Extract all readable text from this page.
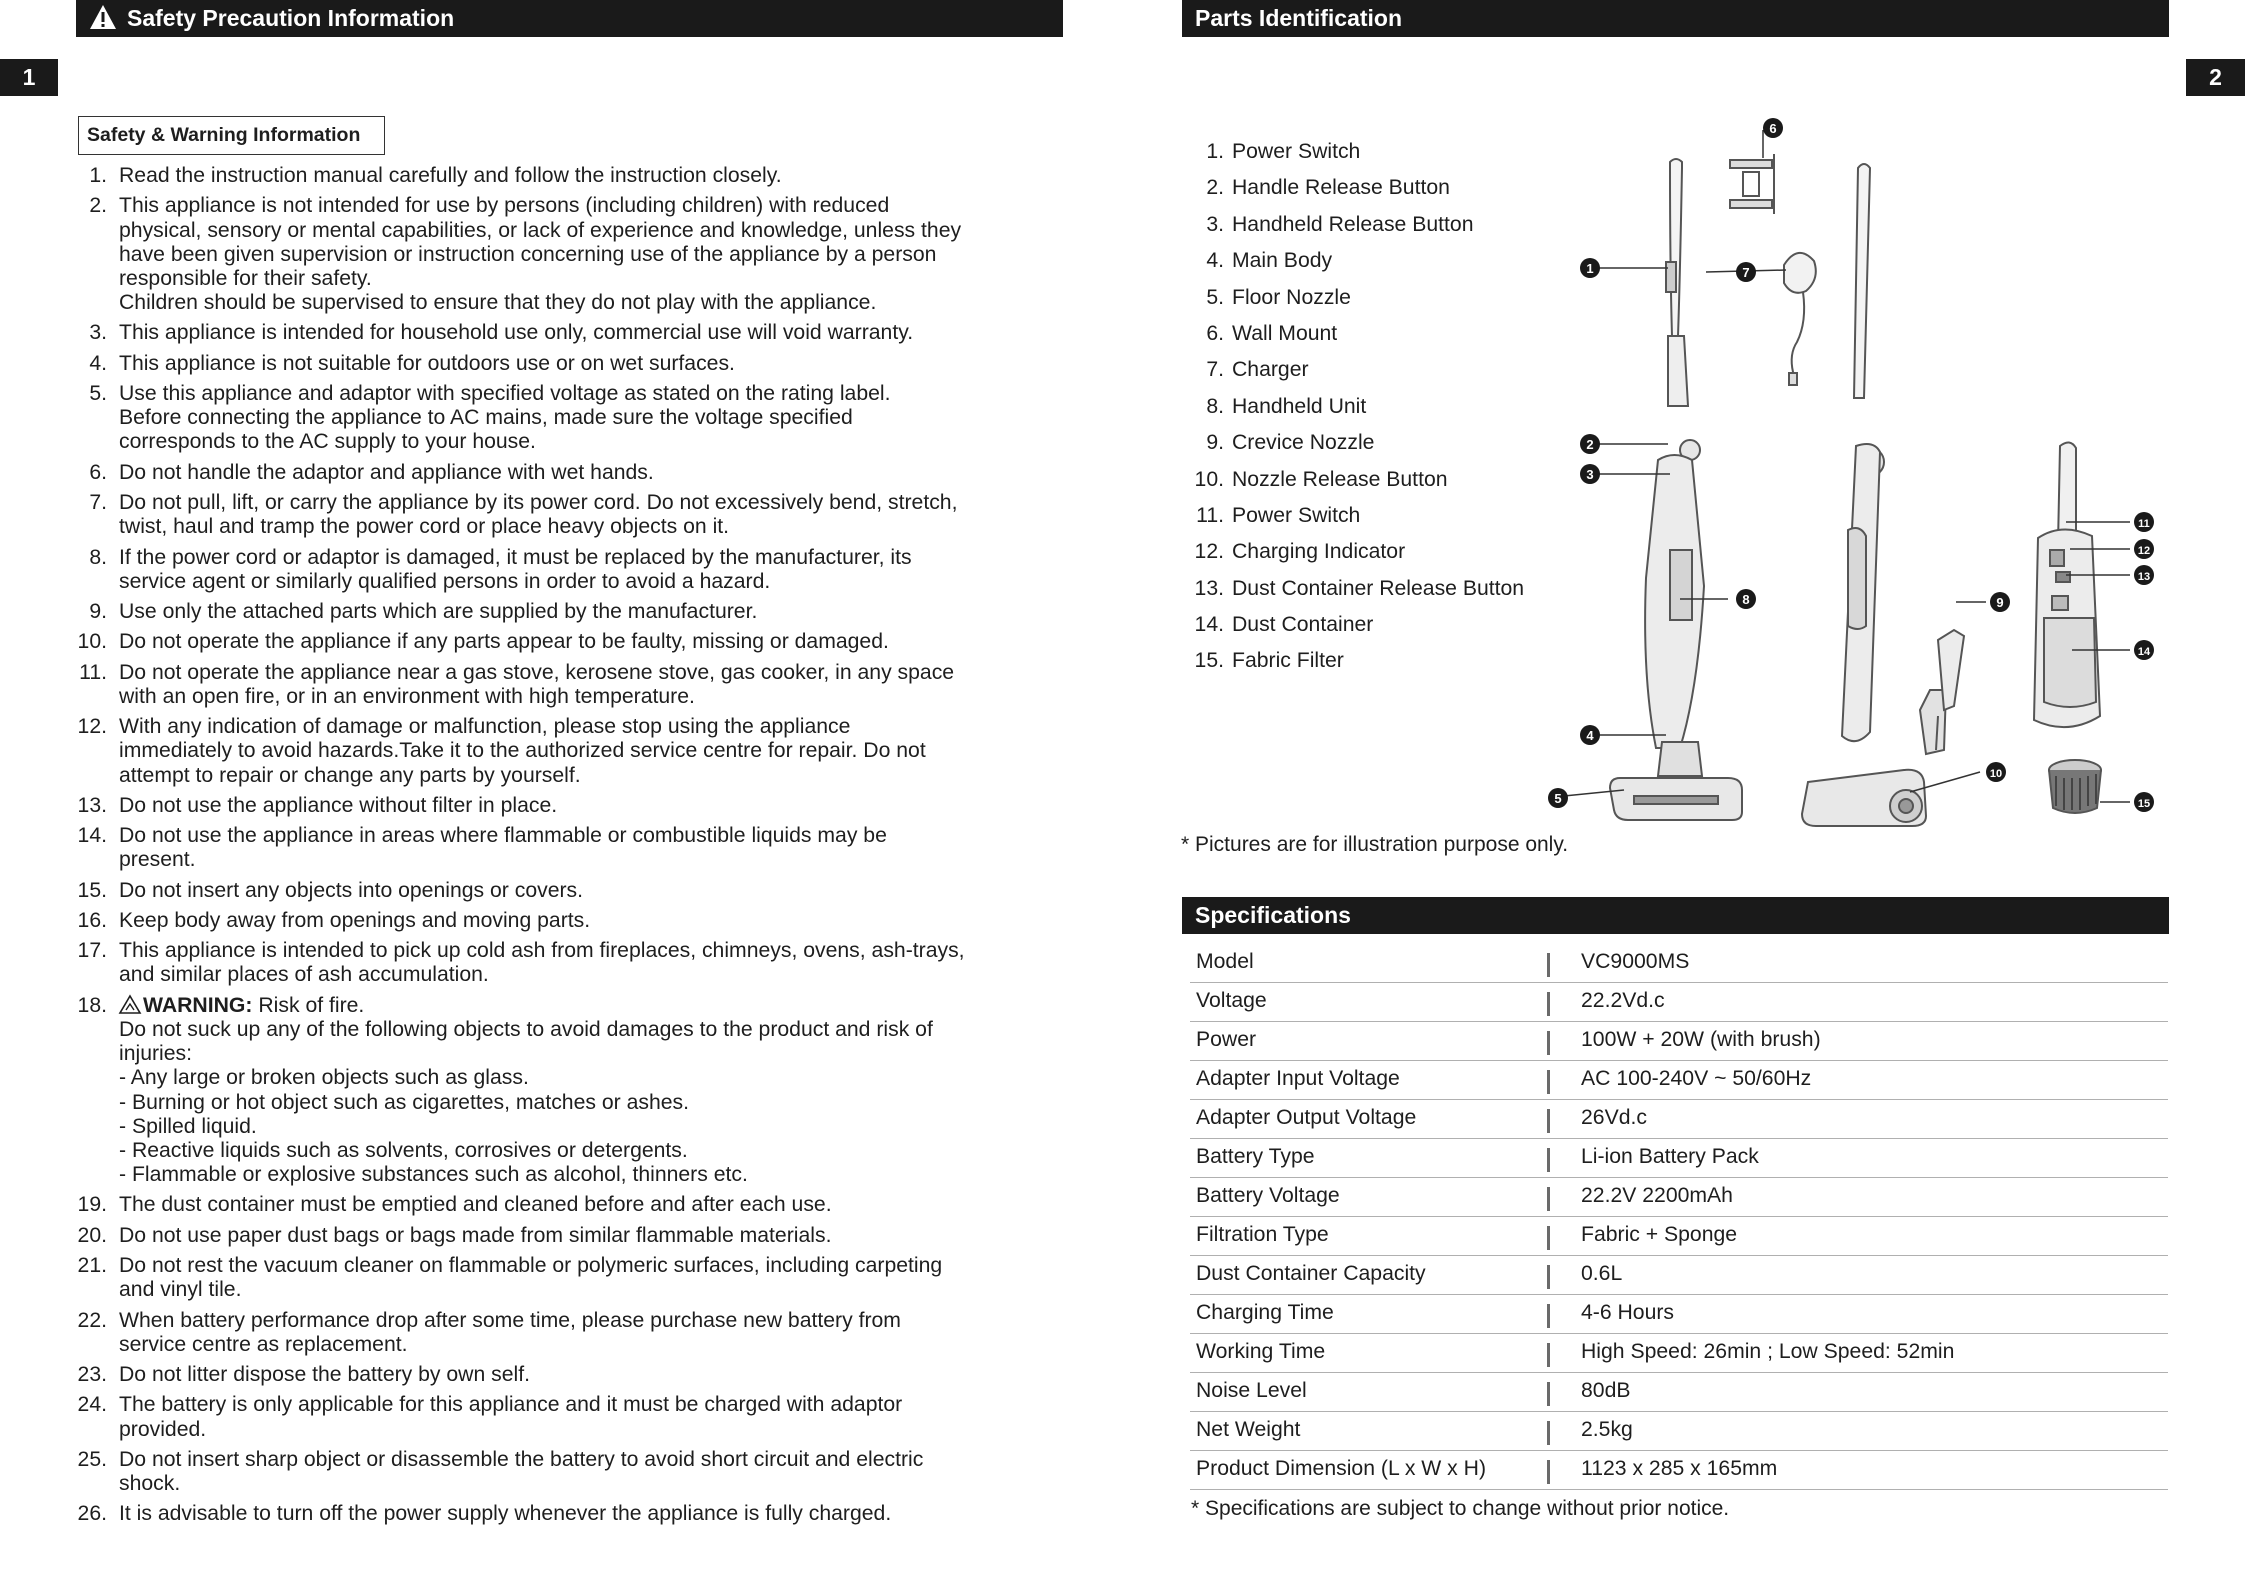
1
Safety Precaution Information
Safety & Warning Information
1. Read the instruction manual carefully and follow the instruction closely.
2. This appliance is not intended for use by persons (including children) with reduced
physical, sensory or mental capabilities, or lack of experience and knowledge, unless they
have been given supervision or instruction concerning use of the appliance by a person
responsible for their safety.
Children should be supervised to ensure that they do not play with the appliance.
3. This appliance is intended for household use only, commercial use will void warranty.
4. This appliance is not suitable for outdoors use or on wet surfaces.
5. Use this appliance and adaptor with specified voltage as stated on the rating label.
Before connecting the appliance to AC mains, made sure the voltage specified
corresponds to the AC supply to your house.
6. Do not handle the adaptor and appliance with wet hands.
7. Do not pull, lift, or carry the appliance by its power cord. Do not excessively bend, stretch,
twist, haul and tramp the power cord or place heavy objects on it.
8. If the power cord or adaptor is damaged, it must be replaced by the manufacturer, its
service agent or similarly qualified persons in order to avoid a hazard.
9. Use only the attached parts which are supplied by the manufacturer.
10. Do not operate the appliance if any parts appear to be faulty, missing or damaged.
11. Do not operate the appliance near a gas stove, kerosene stove, gas cooker, in any space
with an open fire, or in an environment with high temperature.
12. With any indication of damage or malfunction, please stop using the appliance
immediately to avoid hazards.Take it to the authorized service centre for repair. Do not
attempt to repair or change any parts by yourself.
13. Do not use the appliance without filter in place.
14. Do not use the appliance in areas where flammable or combustible liquids may be
present.
15. Do not insert any objects into openings or covers.
16. Keep body away from openings and moving parts.
17. This appliance is intended to pick up cold ash from fireplaces, chimneys, ovens, ash-trays,
and similar places of ash accumulation.
18.	WARNING: Risk of fire.
Do not suck up any of the following objects to avoid damages to the product and risk of
injuries:
- Any large or broken objects such as glass.
- Burning or hot object such as cigarettes, matches or ashes.
- Spilled liquid.
- Reactive liquids such as solvents, corrosives or detergents.
- Flammable or explosive substances such as alcohol, thinners etc.
19. The dust container must be emptied and cleaned before and after each use.
20. Do not use paper dust bags or bags made from similar flammable materials.
21. Do not rest the vacuum cleaner on flammable or polymeric surfaces, including carpeting
and vinyl tile.
22. When battery performance drop after some time, please purchase new battery from
service centre as replacement.
23. Do not litter dispose the battery by own self.
24. The battery is only applicable for this appliance and it must be charged with adaptor
provided.
25. Do not insert sharp object or disassemble the battery to avoid short circuit and electric
shock.
26. It is advisable to turn off the power supply whenever the appliance is fully charged.
Parts Identification
2
1. Power Switch
2. Handle Release Button
3. Handheld Release Button
4. Main Body
5. Floor Nozzle
6. Wall Mount
7. Charger
8. Handheld Unit
9. Crevice Nozzle
10. Nozzle Release Button
11. Power Switch
12. Charging Indicator
13. Dust Container Release Button
14. Dust Container
15. Fabric Filter
1
2
3
4
5
6
7
8	9
10
11
12
13
14
15
* Pictures are for illustration purpose only.
Specifications
Model	VC9000MS
Voltage	22.2Vd.c
Power	100W + 20W (with brush)
Adapter Input Voltage	AC 100-240V ~ 50/60Hz
Adapter Output Voltage	26Vd.c
Battery Type	Li-ion Battery Pack
Battery Voltage	22.2V 2200mAh
Filtration Type	Fabric + Sponge
Dust Container Capacity	0.6L
Charging Time	4-6 Hours
Working Time	High Speed: 26min ; Low Speed: 52min
Noise Level	80dB
Net Weight	2.5kg
Product Dimension (L x W x H)	1123 x 285 x 165mm
* Specifications are subject to change without prior notice.
